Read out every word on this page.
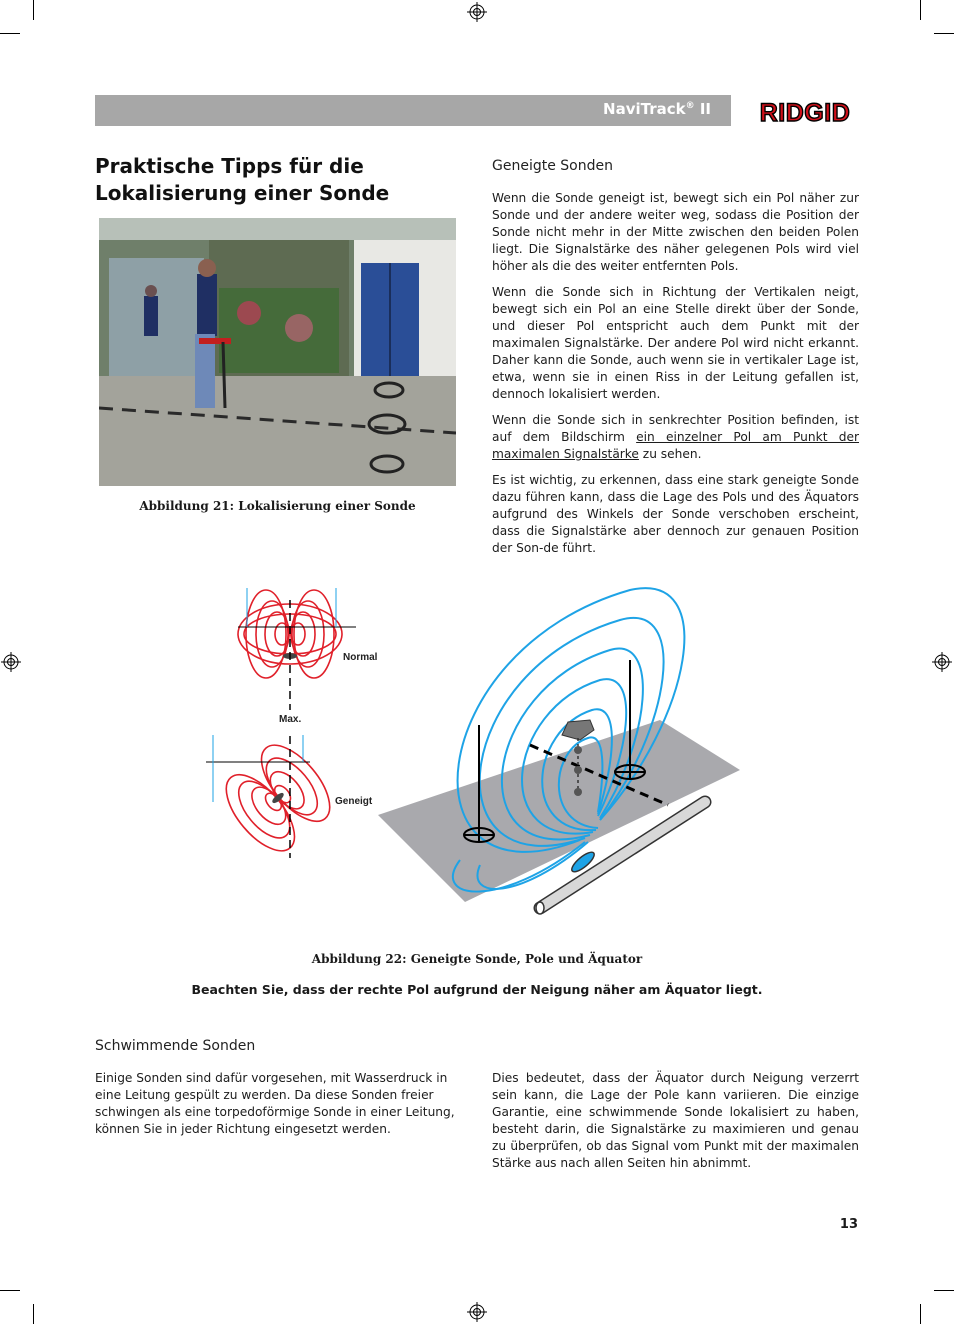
NaviTrack® II RIDGID
Praktische Tipps für die
Lokalisierung einer Sonde
Abbildung 21: Lokalisierung einer Sonde
Geneigte Sonden

Wenn die Sonde geneigt ist, bewegt sich ein Pol näher zur Sonde und der andere weiter weg, sodass die Position der Sonde nicht mehr in der Mitte zwischen den beiden Polen liegt. Die Signalstärke des näher gelegenen Pols wird viel höher als die des weiter entfernten Pols.

Wenn die Sonde sich in Richtung der Vertikalen neigt, bewegt sich ein Pol an eine Stelle direkt über der Sonde, und dieser Pol entspricht auch dem Punkt mit der maximalen Signalstärke. Der andere Pol wird nicht erkannt. Daher kann die Sonde, auch wenn sie in vertikaler Lage ist, etwa, wenn sie in einen Riss in der Leitung gefallen ist, dennoch lokalisiert werden.

Wenn die Sonde sich in senkrechter Position befinden, ist auf dem Bildschirm ein einzelner Pol am Punkt der maximalen Signalstärke zu sehen.

Es ist wichtig, zu erkennen, dass eine stark geneigte Sonde dazu führen kann, dass die Lage des Pols und des Äquators aufgrund des Winkels der Sonde verschoben erscheint, dass die Signalstärke aber dennoch zur genauen Position der Son-de führt.

Normal
Max.
Geneigt
Abbildung 22: Geneigte Sonde, Pole und Äquator
Beachten Sie, dass der rechte Pol aufgrund der Neigung näher am Äquator liegt.
Schwimmende Sonden

Einige Sonden sind dafür vorgesehen, mit Wasserdruck in eine Leitung gespült zu werden. Da diese Sonden freier schwingen als eine torpedoförmige Sonde in einer Leitung, können Sie in jeder Richtung eingesetzt werden.

Dies bedeutet, dass der Äquator durch Neigung verzerrt sein kann, die Lage der Pole kann variieren. Die einzige Garantie, eine schwimmende Sonde lokalisiert zu haben, besteht darin, die Signalstärke zu maximieren und genau zu überprüfen, ob das Signal vom Punkt mit der maximalen Stärke aus nach allen Seiten hin abnimmt.

13
